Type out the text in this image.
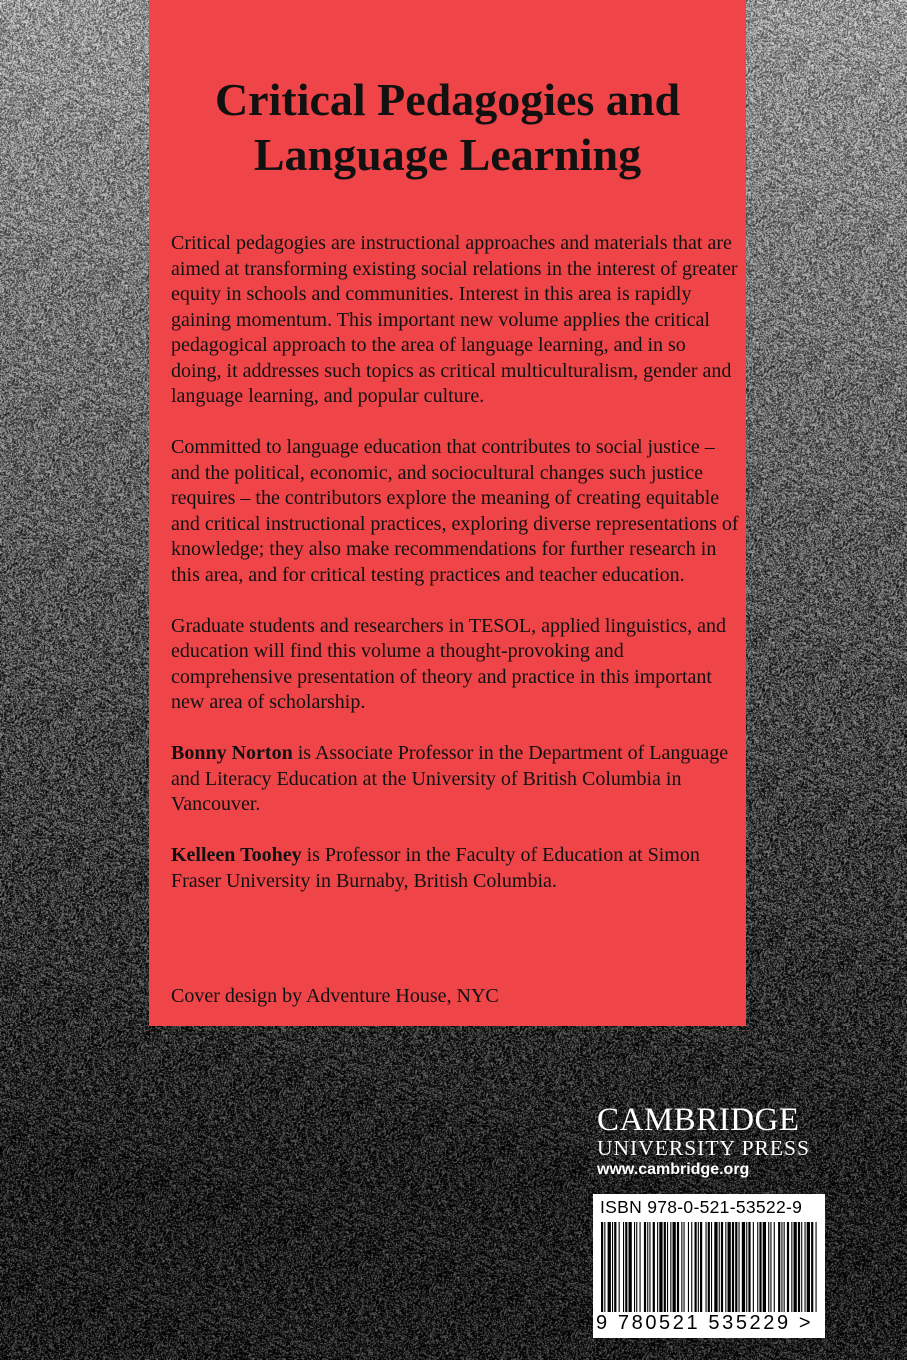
Critical Pedagogies and
Language Learning

Critical pedagogies are instructional approaches and materials that are aimed at transforming existing social relations in the interest of greater equity in schools and communities. Interest in this area is rapidly gaining momentum. This important new volume applies the critical pedagogical approach to the area of language learning, and in so doing, it addresses such topics as critical multiculturalism, gender and language learning, and popular culture.

Committed to language education that contributes to social justice – and the political, economic, and sociocultural changes such justice requires – the contributors explore the meaning of creating equitable and critical instructional practices, exploring diverse representations of knowledge; they also make recommendations for further research in this area, and for critical testing practices and teacher education.

Graduate students and researchers in TESOL, applied linguistics, and education will find this volume a thought-provoking and comprehensive presentation of theory and practice in this important new area of scholarship.

Bonny Norton is Associate Professor in the Department of Language and Literacy Education at the University of British Columbia in Vancouver.

Kelleen Toohey is Professor in the Faculty of Education at Simon Fraser University in Burnaby, British Columbia.

Cover design by Adventure House, NYC
CAMBRIDGE
UNIVERSITY PRESS
www.cambridge.org
ISBN 978-0-521-53522-9
9 780521 535229 >
